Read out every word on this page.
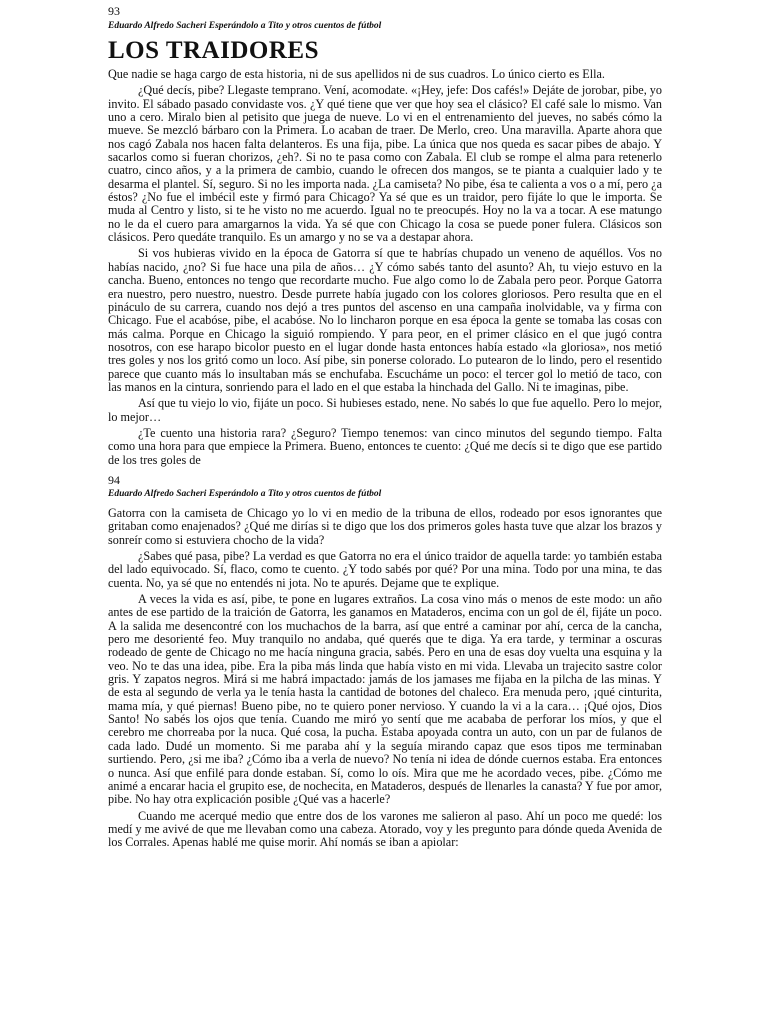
93
Eduardo Alfredo Sacheri Esperándolo a Tito y otros cuentos de fútbol
LOS TRAIDORES

Que nadie se haga cargo de esta historia, ni de sus apellidos ni de sus cuadros. Lo único cierto es Ella.

¿Qué decís, pibe? Llegaste temprano. Vení, acomodate. «¡Hey, jefe: Dos cafés!» Dejáte de jorobar, pibe, yo invito. El sábado pasado convidaste vos. ¿Y qué tiene que ver que hoy sea el clásico? El café sale lo mismo. Van uno a cero. Miralo bien al petisito que juega de nueve. Lo vi en el entrenamiento del jueves, no sabés cómo la mueve. Se mezcló bárbaro con la Primera. Lo acaban de traer. De Merlo, creo. Una maravilla. Aparte ahora que nos cagó Zabala nos hacen falta delanteros. Es una fija, pibe. La única que nos queda es sacar pibes de abajo. Y sacarlos como si fueran chorizos, ¿eh?. Si no te pasa como con Zabala. El club se rompe el alma para retenerlo cuatro, cinco años, y a la primera de cambio, cuando le ofrecen dos mangos, se te pianta a cualquier lado y te desarma el plantel. Sí, seguro. Si no les importa nada. ¿La camiseta? No pibe, ésa te calienta a vos o a mí, pero ¿a éstos? ¿No fue el imbécil este y firmó para Chicago? Ya sé que es un traidor, pero fijáte lo que le importa. Se muda al Centro y listo, si te he visto no me acuerdo. Igual no te preocupés. Hoy no la va a tocar. A ese matungo no le da el cuero para amargarnos la vida. Ya sé que con Chicago la cosa se puede poner fulera. Clásicos son clásicos. Pero quedáte tranquilo. Es un amargo y no se va a destapar ahora.

Si vos hubieras vivido en la época de Gatorra sí que te habrías chupado un veneno de aquéllos. Vos no habías nacido, ¿no? Si fue hace una pila de años… ¿Y cómo sabés tanto del asunto? Ah, tu viejo estuvo en la cancha. Bueno, entonces no tengo que recordarte mucho. Fue algo como lo de Zabala pero peor. Porque Gatorra era nuestro, pero nuestro, nuestro. Desde purrete había jugado con los colores gloriosos. Pero resulta que en el pináculo de su carrera, cuando nos dejó a tres puntos del ascenso en una campaña inolvidable, va y firma con Chicago. Fue el acabóse, pibe, el acabóse. No lo lincharon porque en esa época la gente se tomaba las cosas con más calma. Porque en Chicago la siguió rompiendo. Y para peor, en el primer clásico en el que jugó contra nosotros, con ese harapo bicolor puesto en el lugar donde hasta entonces había estado «la gloriosa», nos metió tres goles y nos los gritó como un loco. Así pibe, sin ponerse colorado. Lo putearon de lo lindo, pero el resentido parece que cuanto más lo insultaban más se enchufaba. Escucháme un poco: el tercer gol lo metió de taco, con las manos en la cintura, sonriendo para el lado en el que estaba la hinchada del Gallo. Ni te imaginas, pibe.

Así que tu viejo lo vio, fijáte un poco. Si hubieses estado, nene. No sabés lo que fue aquello. Pero lo mejor, lo mejor…

¿Te cuento una historia rara? ¿Seguro? Tiempo tenemos: van cinco minutos del segundo tiempo. Falta como una hora para que empiece la Primera. Bueno, entonces te cuento: ¿Qué me decís si te digo que ese partido de los tres goles de

94
Eduardo Alfredo Sacheri Esperándolo a Tito y otros cuentos de fútbol

Gatorra con la camiseta de Chicago yo lo vi en medio de la tribuna de ellos, rodeado por esos ignorantes que gritaban como enajenados? ¿Qué me dirías si te digo que los dos primeros goles hasta tuve que alzar los brazos y sonreír como si estuviera chocho de la vida?

¿Sabes qué pasa, pibe? La verdad es que Gatorra no era el único traidor de aquella tarde: yo también estaba del lado equivocado. Sí, flaco, como te cuento. ¿Y todo sabés por qué? Por una mina. Todo por una mina, te das cuenta. No, ya sé que no entendés ni jota. No te apurés. Dejame que te explique.

A veces la vida es así, pibe, te pone en lugares extraños. La cosa vino más o menos de este modo: un año antes de ese partido de la traición de Gatorra, les ganamos en Mataderos, encima con un gol de él, fijáte un poco. A la salida me desencontré con los muchachos de la barra, así que entré a caminar por ahí, cerca de la cancha, pero me desorienté feo. Muy tranquilo no andaba, qué querés que te diga. Ya era tarde, y terminar a oscuras rodeado de gente de Chicago no me hacía ninguna gracia, sabés. Pero en una de esas doy vuelta una esquina y la veo. No te das una idea, pibe. Era la piba más linda que había visto en mi vida. Llevaba un trajecito sastre color gris. Y zapatos negros. Mirá si me habrá impactado: jamás de los jamases me fijaba en la pilcha de las minas. Y de esta al segundo de verla ya le tenía hasta la cantidad de botones del chaleco. Era menuda pero, ¡qué cinturita, mama mía, y qué piernas! Bueno pibe, no te quiero poner nervioso. Y cuando la vi a la cara… ¡Qué ojos, Dios Santo! No sabés los ojos que tenía. Cuando me miró yo sentí que me acababa de perforar los míos, y que el cerebro me chorreaba por la nuca. Qué cosa, la pucha. Estaba apoyada contra un auto, con un par de fulanos de cada lado. Dudé un momento. Si me paraba ahí y la seguía mirando capaz que esos tipos me terminaban surtiendo. Pero, ¿si me iba? ¿Cómo iba a verla de nuevo? No tenía ni idea de dónde cuernos estaba. Era entonces o nunca. Así que enfilé para donde estaban. Sí, como lo oís. Mira que me he acordado veces, pibe. ¿Cómo me animé a encarar hacia el grupito ese, de nochecita, en Mataderos, después de llenarles la canasta? Y fue por amor, pibe. No hay otra explicación posible ¿Qué vas a hacerle?

Cuando me acerqué medio que entre dos de los varones me salieron al paso. Ahí un poco me quedé: los medí y me avivé de que me llevaban como una cabeza. Atorado, voy y les pregunto para dónde queda Avenida de los Corrales. Apenas hablé me quise morir. Ahí nomás se iban a apiolar:
